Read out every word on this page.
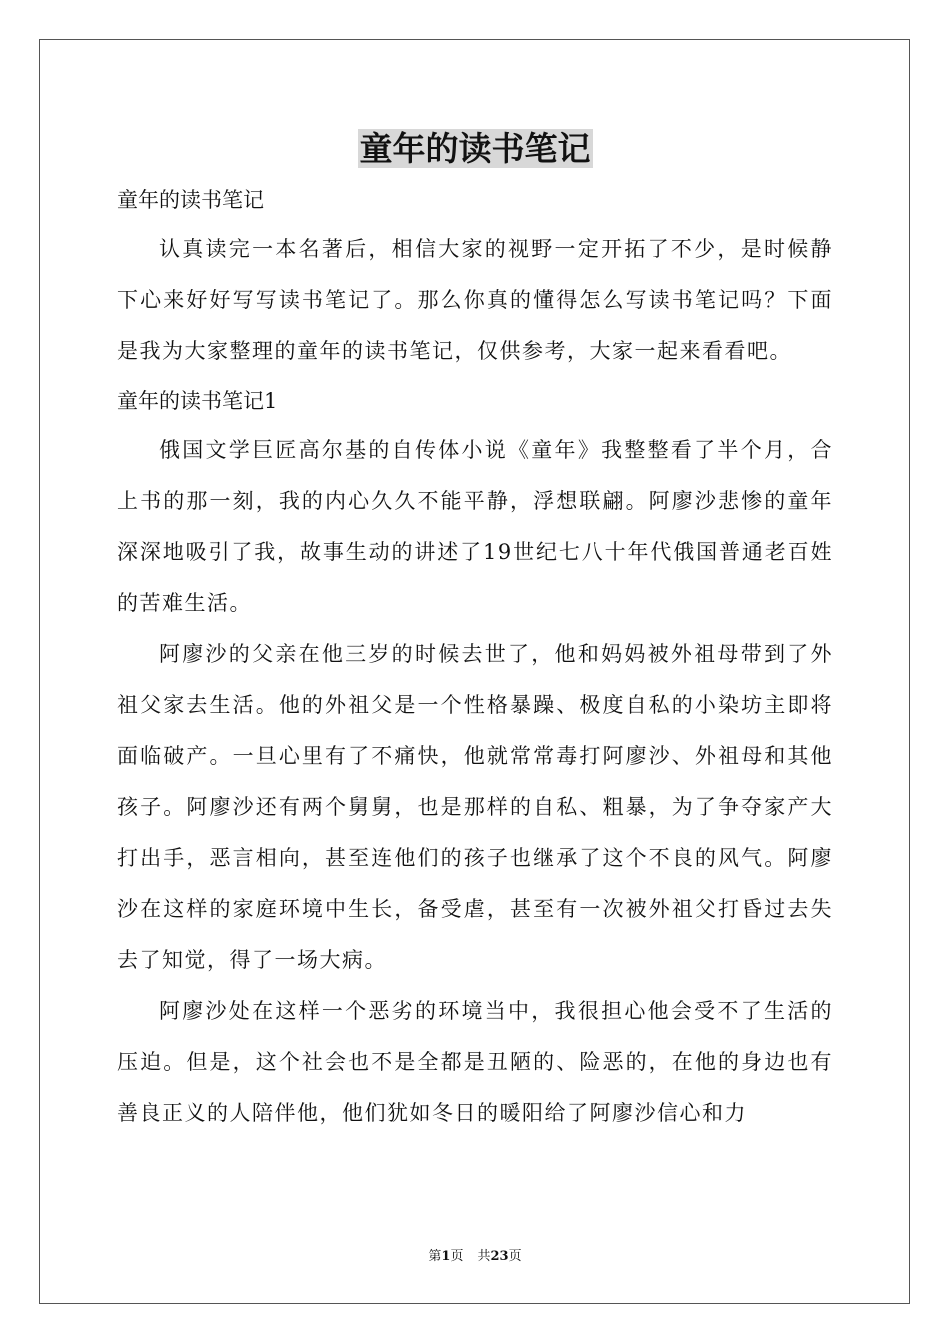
童年的读书笔记

童年的读书笔记

认真读完一本名著后，相信大家的视野一定开拓了不少，是时候静下心来好好写写读书笔记了。那么你真的懂得怎么写读书笔记吗？下面是我为大家整理的童年的读书笔记，仅供参考，大家一起来看看吧。

童年的读书笔记1

俄国文学巨匠高尔基的自传体小说《童年》我整整看了半个月，合上书的那一刻，我的内心久久不能平静，浮想联翩。阿廖沙悲惨的童年深深地吸引了我，故事生动的讲述了19世纪七八十年代俄国普通老百姓的苦难生活。

阿廖沙的父亲在他三岁的时候去世了，他和妈妈被外祖母带到了外祖父家去生活。他的外祖父是一个性格暴躁、极度自私的小染坊主即将面临破产。一旦心里有了不痛快，他就常常毒打阿廖沙、外祖母和其他孩子。阿廖沙还有两个舅舅，也是那样的自私、粗暴，为了争夺家产大打出手，恶言相向，甚至连他们的孩子也继承了这个不良的风气。阿廖沙在这样的家庭环境中生长，备受虐，甚至有一次被外祖父打昏过去失去了知觉，得了一场大病。

阿廖沙处在这样一个恶劣的环境当中，我很担心他会受不了生活的压迫。但是，这个社会也不是全都是丑陋的、险恶的，在他的身边也有善良正义的人陪伴他，他们犹如冬日的暖阳给了阿廖沙信心和力

第1页 共23页
